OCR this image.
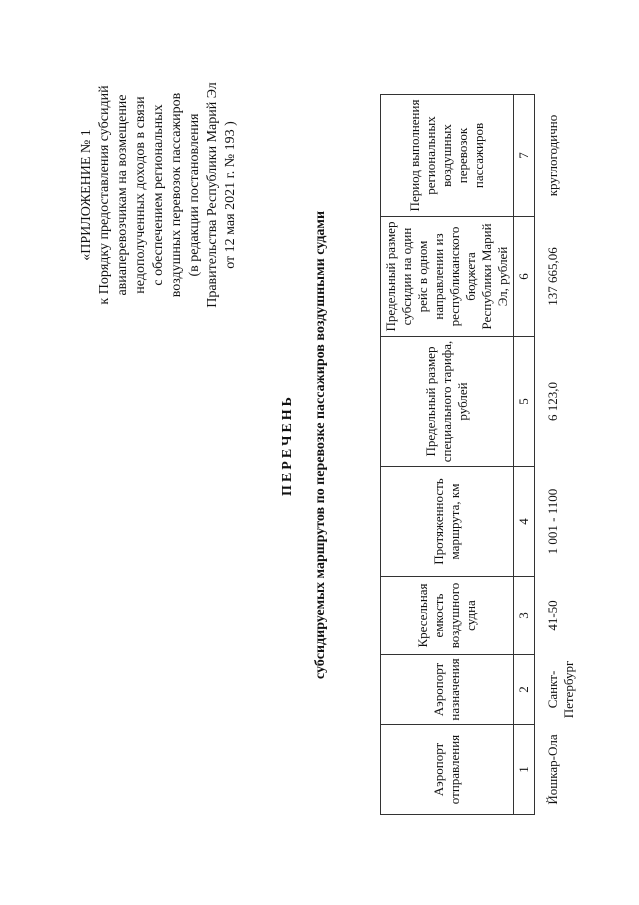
«ПРИЛОЖЕНИЕ № 1 к Порядку предоставления субсидий авиаперевозчикам на возмещение недополученных доходов в связи с обеспечением региональных воздушных перевозок пассажиров (в редакции постановления Правительства Республики Марий Эл от 12 мая 2021 г. № 193 )
ПЕРЕЧЕНЬ субсидируемых маршрутов по перевозке пассажиров воздушными судами
Аэропорт отправления	Аэропорт назначения	Кресельная емкость воздушного судна	Протяженность маршрута, км	Предельный размер специального тарифа, рублей	Предельный размер субсидии на один рейс в одном направлении из республиканского бюджета Республики Марий Эл, рублей	Период выполнения региональных воздушных перевозок пассажиров
1	2	3	4	5	6	7
Йошкар-Ола	Санкт-Петербург	41-50	1 001 - 1100	6 123,0	137 665,06	круглогодично
